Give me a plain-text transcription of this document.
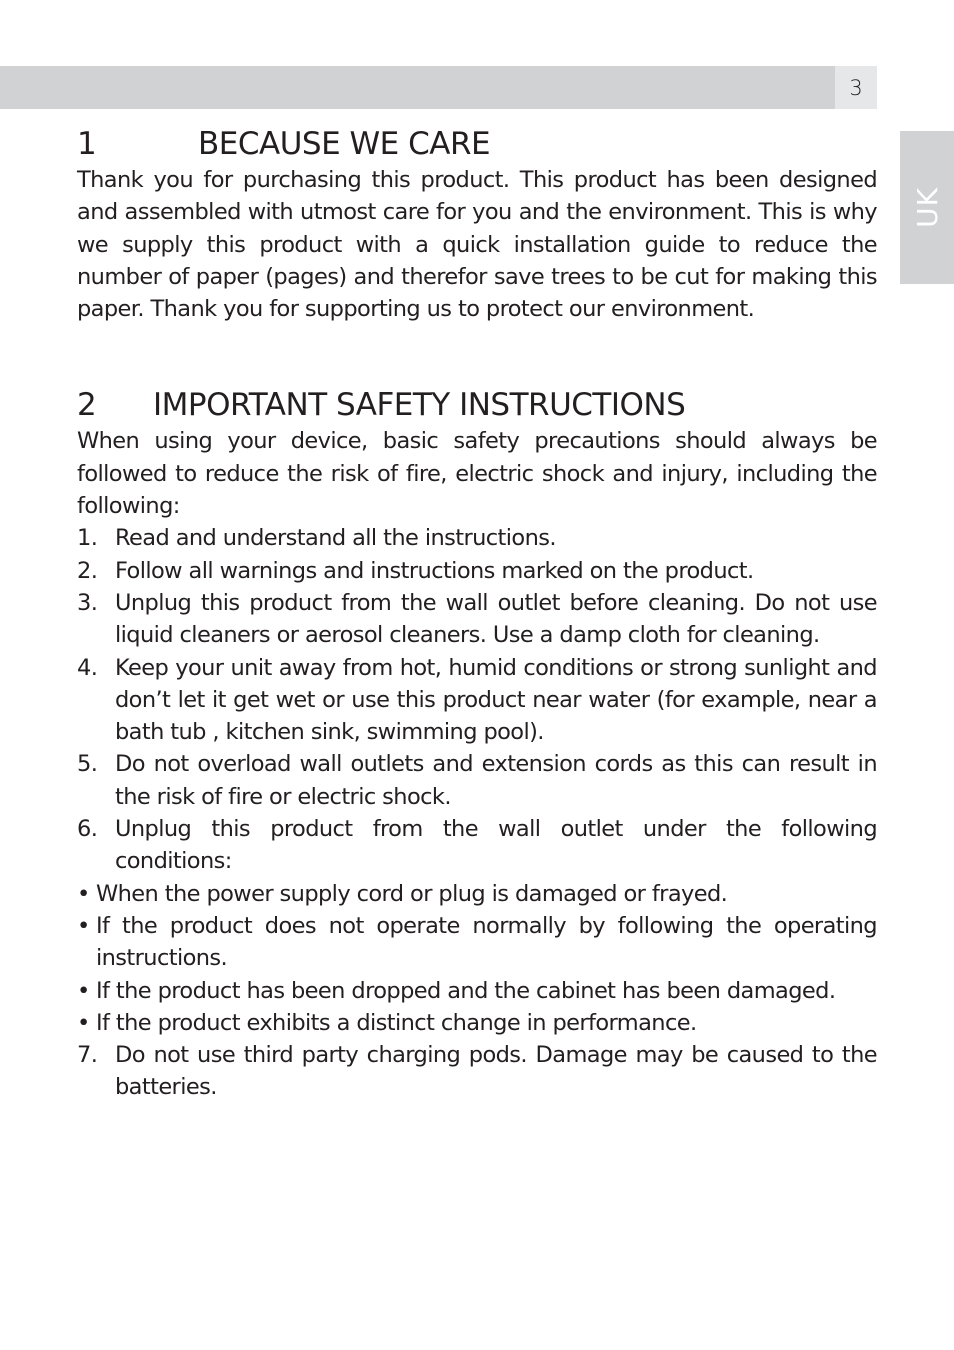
3
UK
1	BECAUSE WE CARE

Thank you for purchasing this product. This product has been designed and assembled with utmost care for you and the environment. This is why we supply this product with a quick installation guide to reduce the number of paper (pages) and therefor save trees to be cut for making this paper. Thank you for supporting us to protect our environment.

2	IMPORTANT SAFETY INSTRUCTIONS

When using your device, basic safety precautions should always be followed to reduce the risk of fire, electric shock and injury, including the following:

1. Read and understand all the instructions.
2. Follow all warnings and instructions marked on the product.
3. Unplug this product from the wall outlet before cleaning. Do not use liquid cleaners or aerosol cleaners. Use a damp cloth for cleaning.
4. Keep your unit away from hot, humid conditions or strong sunlight and don’t let it get wet or use this product near water (for example, near a bath tub , kitchen sink, swimming pool).
5. Do not overload wall outlets and extension cords as this can result in the risk of fire or electric shock.
6. Unplug this product from the wall outlet under the following conditions:
• When the power supply cord or plug is damaged or frayed.
• If the product does not operate normally by following the operating instructions.
• If the product has been dropped and the cabinet has been damaged.
• If the product exhibits a distinct change in performance.
7. Do not use third party charging pods. Damage may be caused to the batteries.
